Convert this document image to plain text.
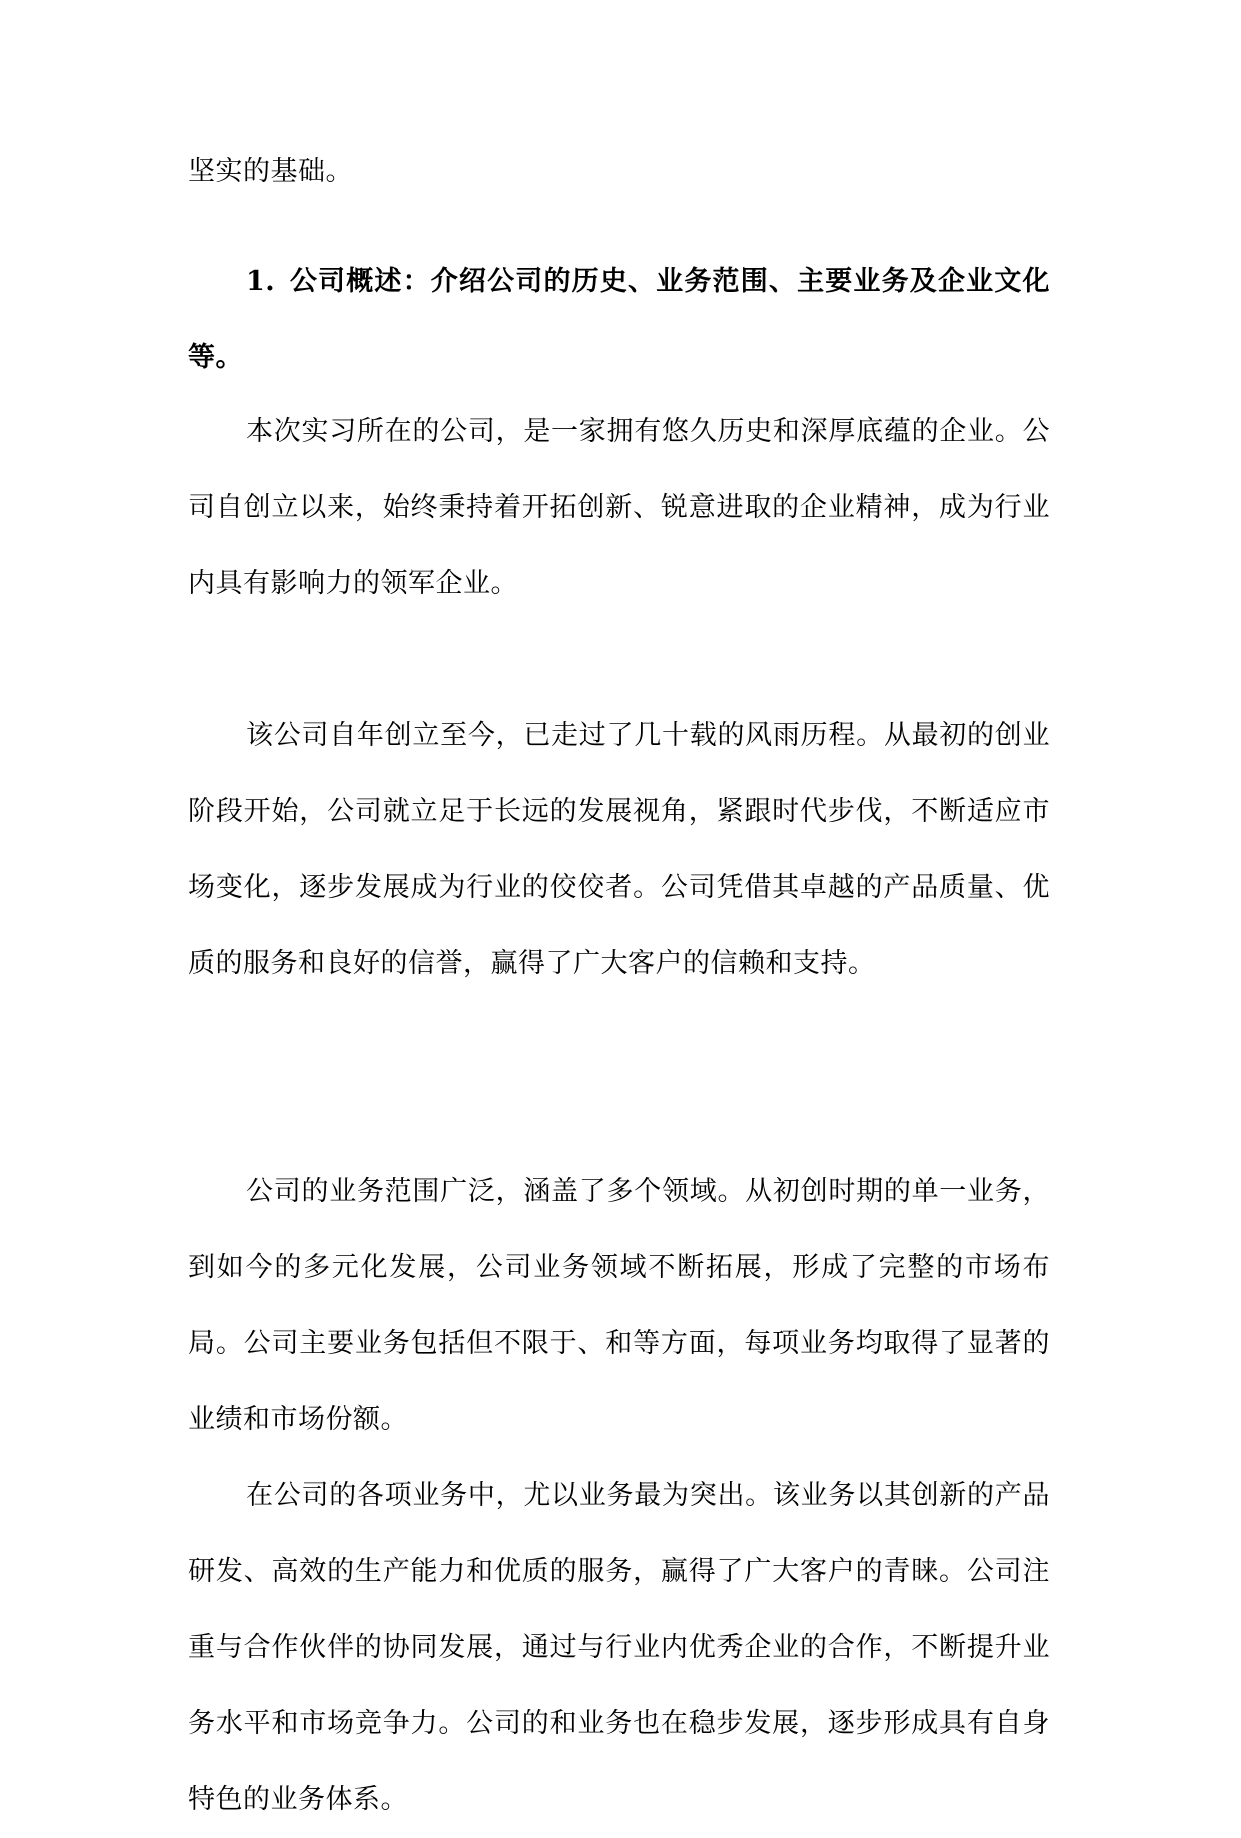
坚实的基础。

1. 公司概述：介绍公司的历史、业务范围、主要业务及企业文化等。

本次实习所在的公司，是一家拥有悠久历史和深厚底蕴的企业。公司自创立以来，始终秉持着开拓创新、锐意进取的企业精神，成为行业内具有影响力的领军企业。

该公司自年创立至今，已走过了几十载的风雨历程。从最初的创业阶段开始，公司就立足于长远的发展视角，紧跟时代步伐，不断适应市场变化，逐步发展成为行业的佼佼者。公司凭借其卓越的产品质量、优质的服务和良好的信誉，赢得了广大客户的信赖和支持。

公司的业务范围广泛，涵盖了多个领域。从初创时期的单一业务，到如今的多元化发展，公司业务领域不断拓展，形成了完整的市场布局。公司主要业务包括但不限于、和等方面，每项业务均取得了显著的业绩和市场份额。

在公司的各项业务中，尤以业务最为突出。该业务以其创新的产品研发、高效的生产能力和优质的服务，赢得了广大客户的青睐。公司注重与合作伙伴的协同发展，通过与行业内优秀企业的合作，不断提升业务水平和市场竞争力。公司的和业务也在稳步发展，逐步形成具有自身特色的业务体系。
